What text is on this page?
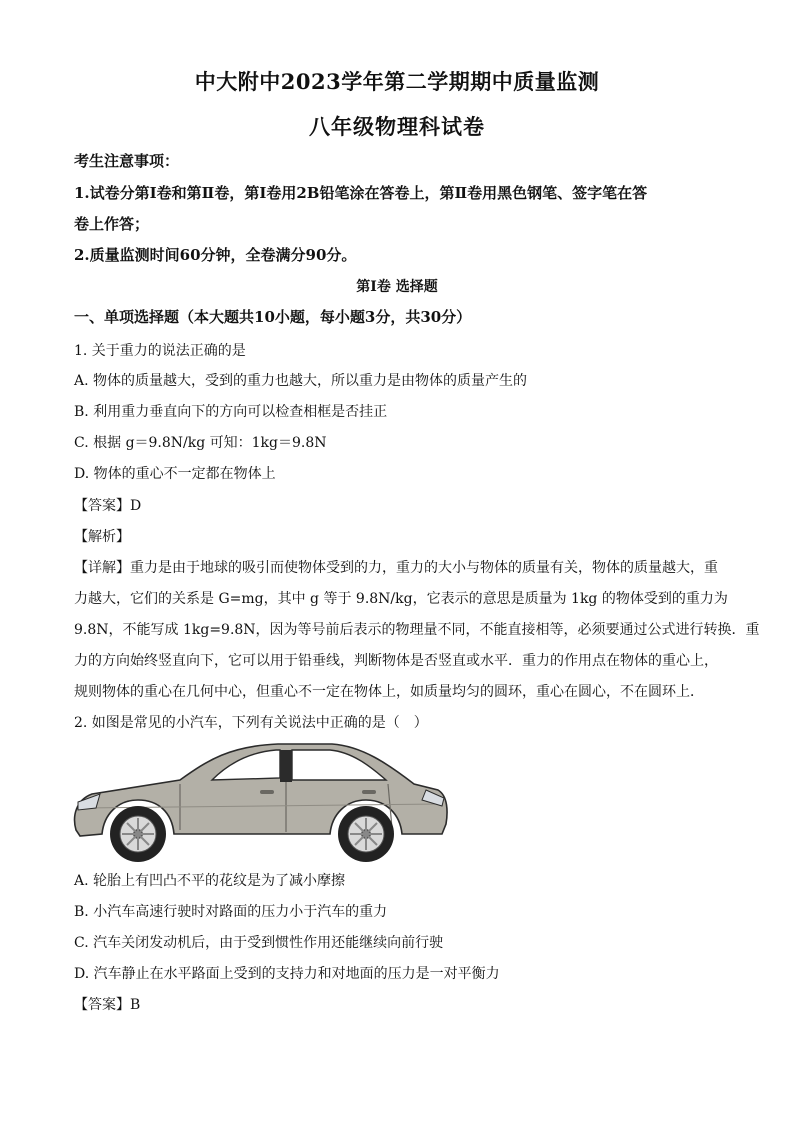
中大附中2023学年第二学期期中质量监测
八年级物理科试卷
考生注意事项：
1.试卷分第Ⅰ卷和第Ⅱ卷，第Ⅰ卷用2B铅笔涂在答卷上，第Ⅱ卷用黑色钢笔、签字笔在答
卷上作答；
2.质量监测时间60分钟，全卷满分90分。
第Ⅰ卷 选择题
一、单项选择题（本大题共10小题，每小题3分，共30分）
1. 关于重力的说法正确的是
A. 物体的质量越大，受到的重力也越大，所以重力是由物体的质量产生的
B. 利用重力垂直向下的方向可以检查相框是否挂正
C. 根据 g＝9.8N/kg 可知：1kg＝9.8N
D. 物体的重心不一定都在物体上
【答案】D
【解析】
【详解】重力是由于地球的吸引而使物体受到的力，重力的大小与物体的质量有关，物体的质量越大，重
力越大，它们的关系是 G=mg，其中 g 等于 9.8N/kg，它表示的意思是质量为 1kg 的物体受到的重力为
9.8N，不能写成 1kg=9.8N，因为等号前后表示的物理量不同，不能直接相等，必须要通过公式进行转换．重
力的方向始终竖直向下，它可以用于铅垂线，判断物体是否竖直或水平．重力的作用点在物体的重心上，
规则物体的重心在几何中心，但重心不一定在物体上，如质量均匀的圆环，重心在圆心，不在圆环上．
2. 如图是常见的小汽车，下列有关说法中正确的是（　）
A. 轮胎上有凹凸不平的花纹是为了减小摩擦
B. 小汽车高速行驶时对路面的压力小于汽车的重力
C. 汽车关闭发动机后，由于受到惯性作用还能继续向前行驶
D. 汽车静止在水平路面上受到的支持力和对地面的压力是一对平衡力
【答案】B
